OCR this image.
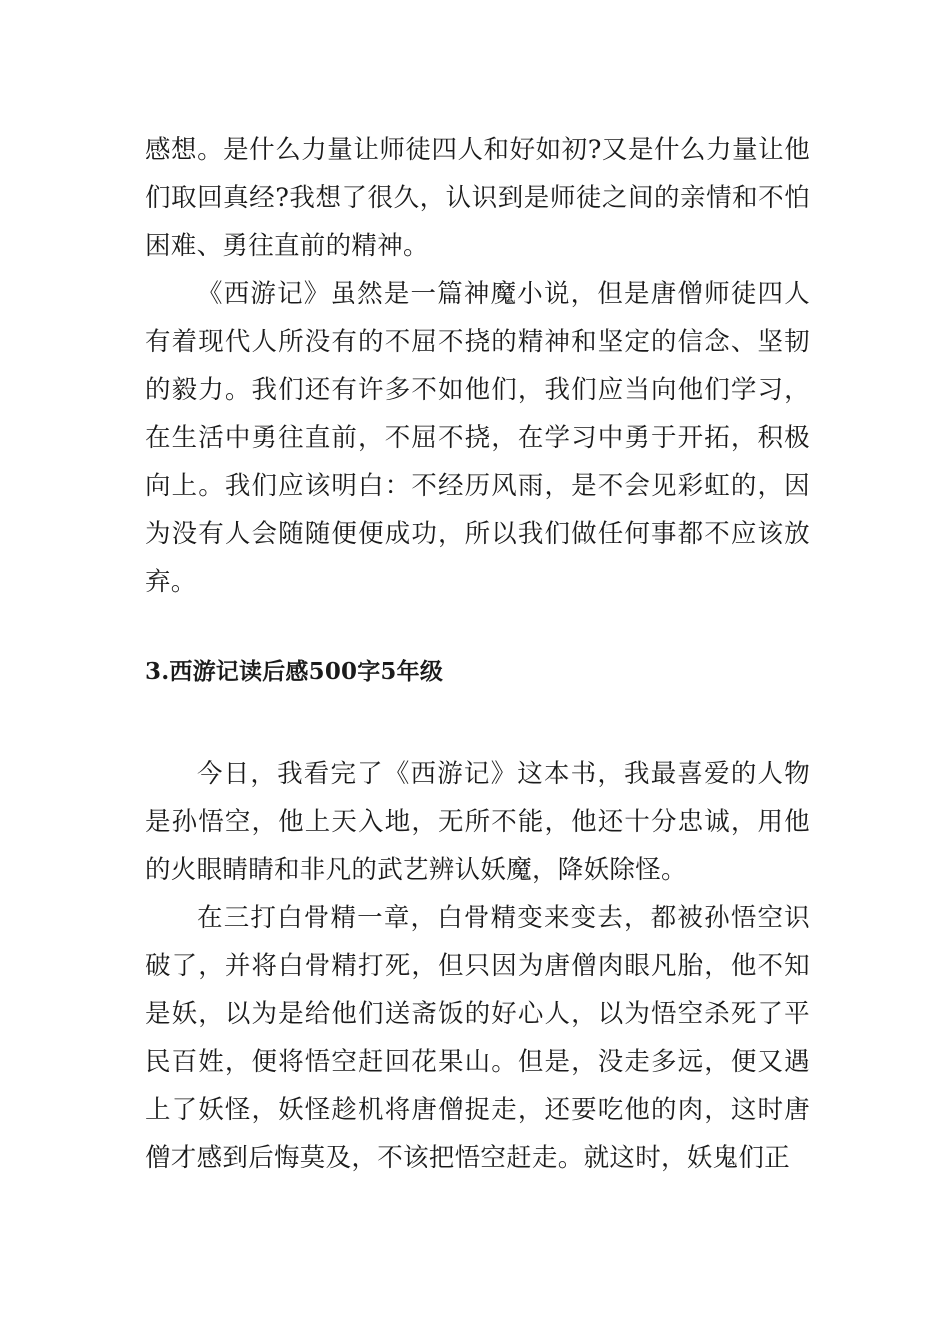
感想。是什么力量让师徒四人和好如初?又是什么力量让他们取回真经?我想了很久，认识到是师徒之间的亲情和不怕困难、勇往直前的精神。

《西游记》虽然是一篇神魔小说，但是唐僧师徒四人有着现代人所没有的不屈不挠的精神和坚定的信念、坚韧的毅力。我们还有许多不如他们，我们应当向他们学习，在生活中勇往直前，不屈不挠，在学习中勇于开拓，积极向上。我们应该明白：不经历风雨，是不会见彩虹的，因为没有人会随随便便成功，所以我们做任何事都不应该放弃。

3.西游记读后感500字5年级

今日，我看完了《西游记》这本书，我最喜爱的人物是孙悟空，他上天入地，无所不能，他还十分忠诚，用他的火眼睛睛和非凡的武艺辨认妖魔，降妖除怪。

在三打白骨精一章，白骨精变来变去，都被孙悟空识破了，并将白骨精打死，但只因为唐僧肉眼凡胎，他不知是妖，以为是给他们送斋饭的好心人，以为悟空杀死了平民百姓，便将悟空赶回花果山。但是，没走多远，便又遇上了妖怪，妖怪趁机将唐僧捉走，还要吃他的肉，这时唐僧才感到后悔莫及，不该把悟空赶走。就这时，妖鬼们正
